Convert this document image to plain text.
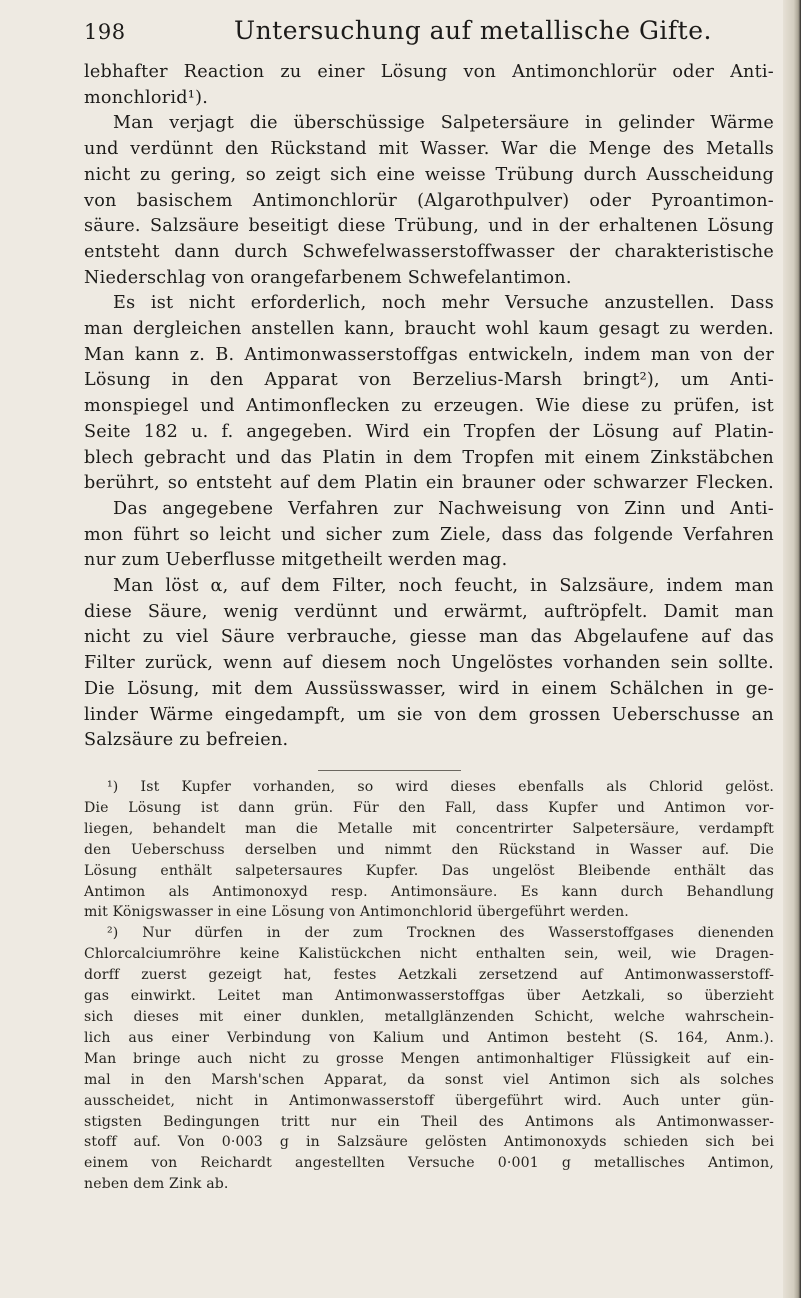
198	Untersuchung auf metallische Gifte.
lebhafter Reaction zu einer Lösung von Antimonchlorür oder Anti-
monchlorid¹).
Man verjagt die überschüssige Salpetersäure in gelinder Wärme
und verdünnt den Rückstand mit Wasser. War die Menge des Metalls
nicht zu gering, so zeigt sich eine weisse Trübung durch Ausscheidung
von basischem Antimonchlorür (Algarothpulver) oder Pyroantimon-
säure. Salzsäure beseitigt diese Trübung, und in der erhaltenen Lösung
entsteht dann durch Schwefelwasserstoffwasser der charakteristische
Niederschlag von orangefarbenem Schwefelantimon.
Es ist nicht erforderlich, noch mehr Versuche anzustellen. Dass
man dergleichen anstellen kann, braucht wohl kaum gesagt zu werden.
Man kann z. B. Antimonwasserstoffgas entwickeln, indem man von der
Lösung in den Apparat von Berzelius-Marsh bringt²), um Anti-
monspiegel und Antimonflecken zu erzeugen. Wie diese zu prüfen, ist
Seite 182 u. f. angegeben. Wird ein Tropfen der Lösung auf Platin-
blech gebracht und das Platin in dem Tropfen mit einem Zinkstäbchen
berührt, so entsteht auf dem Platin ein brauner oder schwarzer Flecken.
Das angegebene Verfahren zur Nachweisung von Zinn und Anti-
mon führt so leicht und sicher zum Ziele, dass das folgende Verfahren
nur zum Ueberflusse mitgetheilt werden mag.
Man löst α, auf dem Filter, noch feucht, in Salzsäure, indem man
diese Säure, wenig verdünnt und erwärmt, auftröpfelt. Damit man
nicht zu viel Säure verbrauche, giesse man das Abgelaufene auf das
Filter zurück, wenn auf diesem noch Ungelöstes vorhanden sein sollte.
Die Lösung, mit dem Aussüsswasser, wird in einem Schälchen in ge-
linder Wärme eingedampft, um sie von dem grossen Ueberschusse an
Salzsäure zu befreien.
¹) Ist Kupfer vorhanden, so wird dieses ebenfalls als Chlorid gelöst.
Die Lösung ist dann grün. Für den Fall, dass Kupfer und Antimon vor-
liegen, behandelt man die Metalle mit concentrirter Salpetersäure, verdampft
den Ueberschuss derselben und nimmt den Rückstand in Wasser auf. Die
Lösung enthält salpetersaures Kupfer. Das ungelöst Bleibende enthält das
Antimon als Antimonoxyd resp. Antimonsäure. Es kann durch Behandlung
mit Königswasser in eine Lösung von Antimonchlorid übergeführt werden.
²) Nur dürfen in der zum Trocknen des Wasserstoffgases dienenden
Chlorcalciumröhre keine Kalistückchen nicht enthalten sein, weil, wie Dragen-
dorff zuerst gezeigt hat, festes Aetzkali zersetzend auf Antimonwasserstoff-
gas einwirkt. Leitet man Antimonwasserstoffgas über Aetzkali, so überzieht
sich dieses mit einer dunklen, metallglänzenden Schicht, welche wahrschein-
lich aus einer Verbindung von Kalium und Antimon besteht (S. 164, Anm.).
Man bringe auch nicht zu grosse Mengen antimonhaltiger Flüssigkeit auf ein-
mal in den Marsh'schen Apparat, da sonst viel Antimon sich als solches
ausscheidet, nicht in Antimonwasserstoff übergeführt wird. Auch unter gün-
stigsten Bedingungen tritt nur ein Theil des Antimons als Antimonwasser-
stoff auf. Von 0·003 g in Salzsäure gelösten Antimonoxyds schieden sich bei
einem von Reichardt angestellten Versuche 0·001 g metallisches Antimon,
neben dem Zink ab.
